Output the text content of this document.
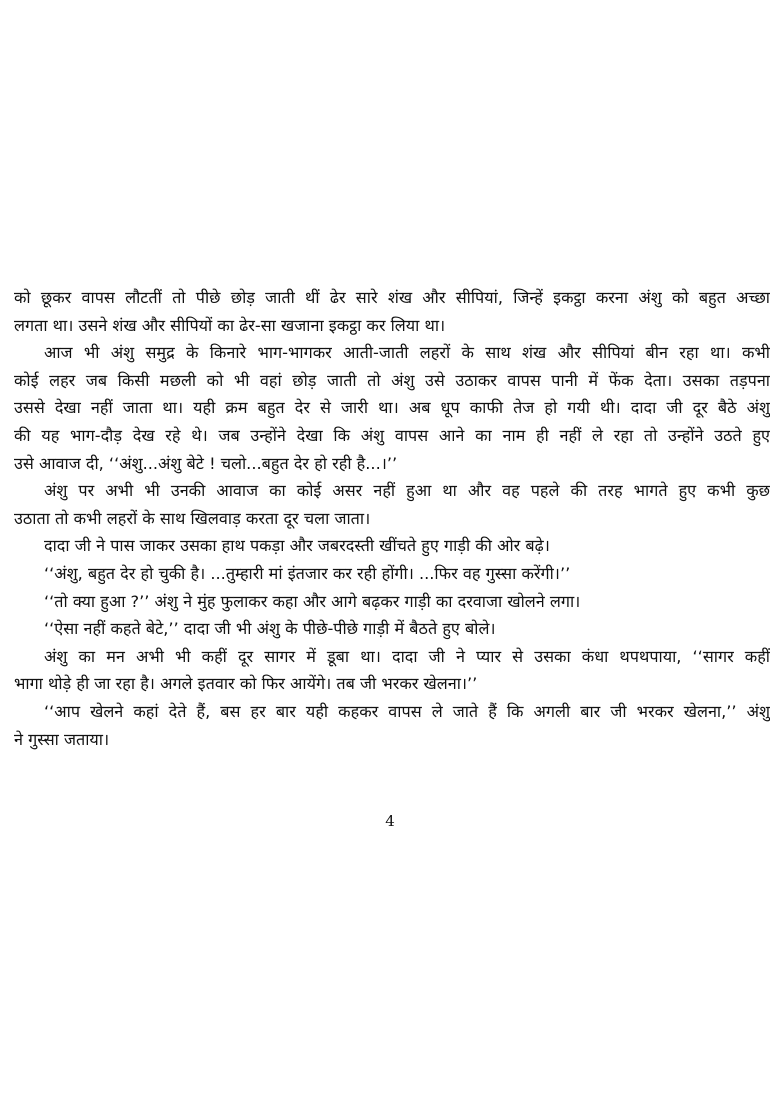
को छूकर वापस लौटतीं तो पीछे छोड़ जाती थीं ढेर सारे शंख और सीपियां, जिन्हें इकट्ठा करना अंशु को बहुत अच्छा
लगता था। उसने शंख और सीपियों का ढेर-सा खजाना इकट्ठा कर लिया था।
आज भी अंशु समुद्र के किनारे भाग-भागकर आती-जाती लहरों के साथ शंख और सीपियां बीन रहा था। कभी
कोई लहर जब किसी मछली को भी वहां छोड़ जाती तो अंशु उसे उठाकर वापस पानी में फेंक देता। उसका तड़पना
उससे देखा नहीं जाता था। यही क्रम बहुत देर से जारी था। अब धूप काफी तेज हो गयी थी। दादा जी दूर बैठे अंशु
की यह भाग-दौड़ देख रहे थे। जब उन्होंने देखा कि अंशु वापस आने का नाम ही नहीं ले रहा तो उन्होंने उठते हुए
उसे आवाज दी, ‘‘अंशु...अंशु बेटे ! चलो...बहुत देर हो रही है...।’’
अंशु पर अभी भी उनकी आवाज का कोई असर नहीं हुआ था और वह पहले की तरह भागते हुए कभी कुछ
उठाता तो कभी लहरों के साथ खिलवाड़ करता दूर चला जाता।
दादा जी ने पास जाकर उसका हाथ पकड़ा और जबरदस्ती खींचते हुए गाड़ी की ओर बढ़े।
‘‘अंशु, बहुत देर हो चुकी है। ...तुम्हारी मां इंतजार कर रही होंगी। ...फिर वह गुस्सा करेंगी।’’
‘‘तो क्या हुआ ?’’ अंशु ने मुंह फुलाकर कहा और आगे बढ़कर गाड़ी का दरवाजा खोलने लगा।
‘‘ऐसा नहीं कहते बेटे,’’ दादा जी भी अंशु के पीछे-पीछे गाड़ी में बैठते हुए बोले।
अंशु का मन अभी भी कहीं दूर सागर में डूबा था। दादा जी ने प्यार से उसका कंधा थपथपाया, ‘‘सागर कहीं
भागा थोड़े ही जा रहा है। अगले इतवार को फिर आयेंगे। तब जी भरकर खेलना।’’
‘‘आप खेलने कहां देते हैं, बस हर बार यही कहकर वापस ले जाते हैं कि अगली बार जी भरकर खेलना,’’ अंशु
ने गुस्सा जताया।
4
